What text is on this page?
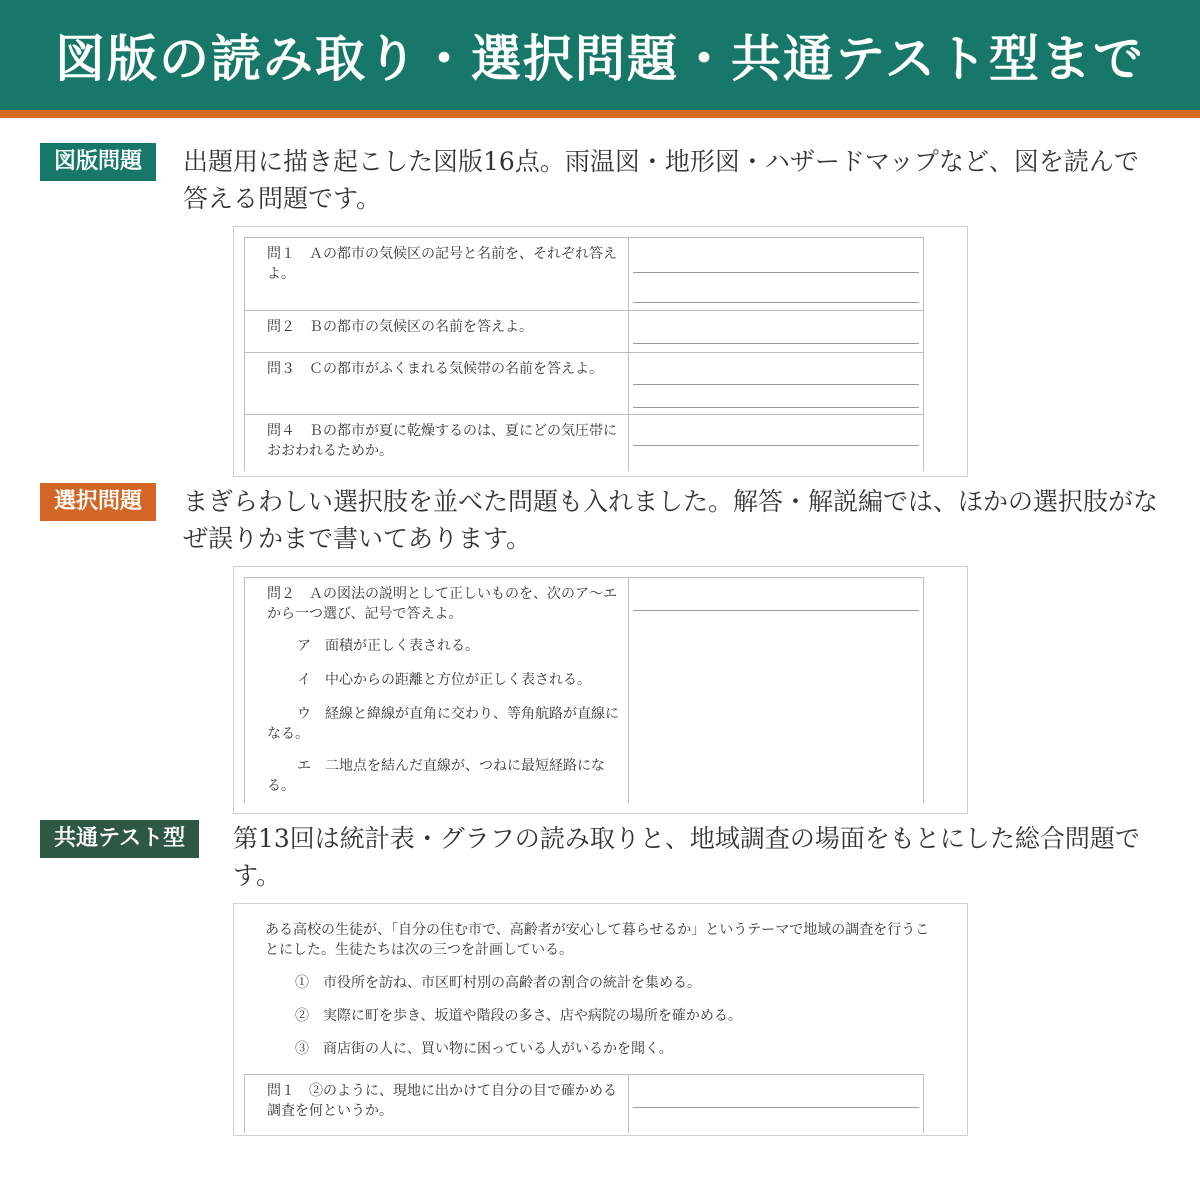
図版の読み取り・選択問題・共通テスト型まで
図版問題	出題用に描き起こした図版16点。雨温図・地形図・ハザードマップなど、図を読んで答える問題です。

問１　Ａの都市の気候区の記号と名前を、それぞれ答えよ。
問２　Ｂの都市の気候区の名前を答えよ。
問３　Ｃの都市がふくまれる気候帯の名前を答えよ。
問４　Ｂの都市が夏に乾燥するのは、夏にどの気圧帯におおわれるためか。
選択問題	まぎらわしい選択肢を並べた問題も入れました。解答・解説編では、ほかの選択肢がなぜ誤りかまで書いてあります。

問２　Ａの図法の説明として正しいものを、次のア〜エから一つ選び、記号で答えよ。
ア　面積が正しく表される。
イ　中心からの距離と方位が正しく表される。
ウ　経線と緯線が直角に交わり、等角航路が直線になる。
エ　二地点を結んだ直線が、つねに最短経路になる。
共通テスト型	第13回は統計表・グラフの読み取りと、地域調査の場面をもとにした総合問題です。

ある高校の生徒が、「自分の住む市で、高齢者が安心して暮らせるか」というテーマで地域の調査を行うことにした。生徒たちは次の三つを計画している。
①　市役所を訪ね、市区町村別の高齢者の割合の統計を集める。
②　実際に町を歩き、坂道や階段の多さ、店や病院の場所を確かめる。
③　商店街の人に、買い物に困っている人がいるかを聞く。
問１　②のように、現地に出かけて自分の目で確かめる調査を何というか。
